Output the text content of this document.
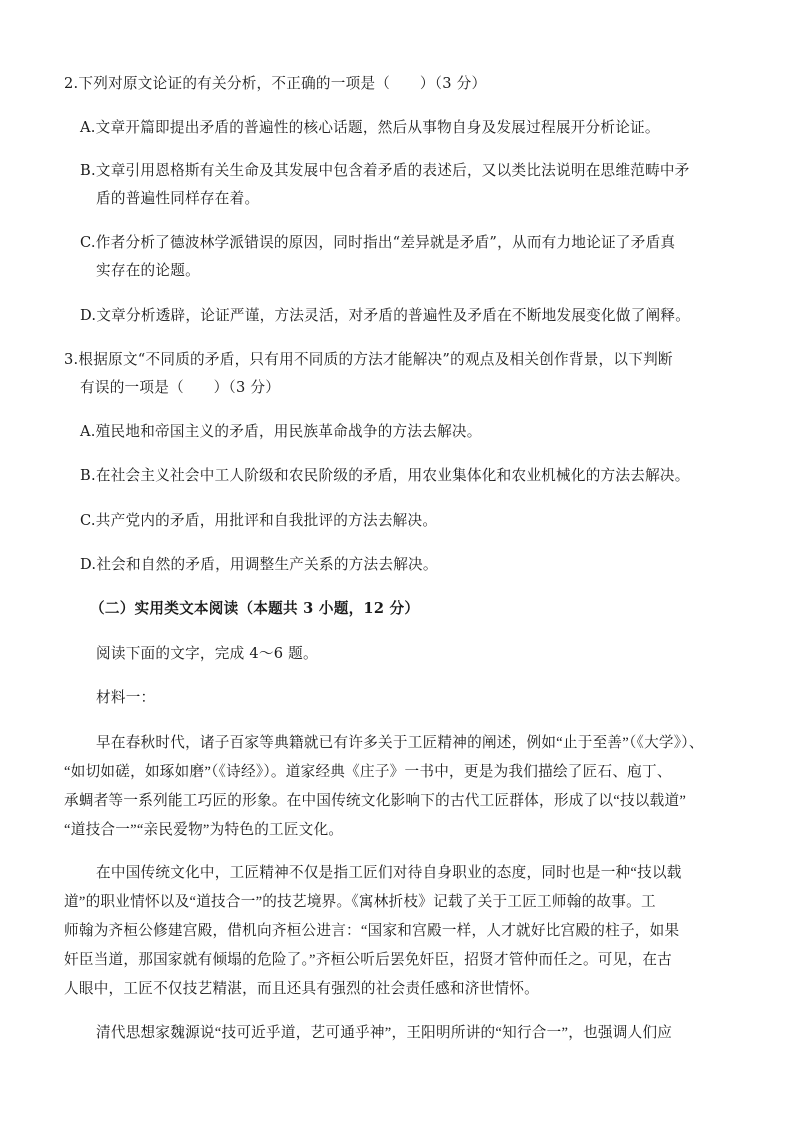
2.下列对原文论证的有关分析，不正确的一项是（　　）（3 分）

A.文章开篇即提出矛盾的普遍性的核心话题，然后从事物自身及发展过程展开分析论证。

B.文章引用恩格斯有关生命及其发展中包含着矛盾的表述后，又以类比法说明在思维范畴中矛

盾的普遍性同样存在着。

C.作者分析了德波林学派错误的原因，同时指出“差异就是矛盾”，从而有力地论证了矛盾真

实存在的论题。

D.文章分析透辟，论证严谨，方法灵活，对矛盾的普遍性及矛盾在不断地发展变化做了阐释。

3.根据原文“不同质的矛盾，只有用不同质的方法才能解决”的观点及相关创作背景，以下判断

有误的一项是（　　）（3 分）

A.殖民地和帝国主义的矛盾，用民族革命战争的方法去解决。

B.在社会主义社会中工人阶级和农民阶级的矛盾，用农业集体化和农业机械化的方法去解决。

C.共产党内的矛盾，用批评和自我批评的方法去解决。

D.社会和自然的矛盾，用调整生产关系的方法去解决。

（二）实用类文本阅读（本题共 3 小题，12 分）

阅读下面的文字，完成 4～6 题。

材料一：

早在春秋时代，诸子百家等典籍就已有许多关于工匠精神的阐述，例如“止于至善”（《大学》）、

“如切如磋，如琢如磨”（《诗经》）。道家经典《庄子》一书中，更是为我们描绘了匠石、庖丁、

承蜩者等一系列能工巧匠的形象。在中国传统文化影响下的古代工匠群体，形成了以“技以载道”

“道技合一”“亲民爱物”为特色的工匠文化。

在中国传统文化中，工匠精神不仅是指工匠们对待自身职业的态度，同时也是一种“技以载

道”的职业情怀以及“道技合一”的技艺境界。《寓林折枝》记载了关于工匠工师翰的故事。工

师翰为齐桓公修建宫殿，借机向齐桓公进言：“国家和宫殿一样，人才就好比宫殿的柱子，如果

奸臣当道，那国家就有倾塌的危险了。”齐桓公听后罢免奸臣，招贤才管仲而任之。可见，在古

人眼中，工匠不仅技艺精湛，而且还具有强烈的社会责任感和济世情怀。

清代思想家魏源说“技可近乎道，艺可通乎神”，王阳明所讲的“知行合一”，也强调人们应
